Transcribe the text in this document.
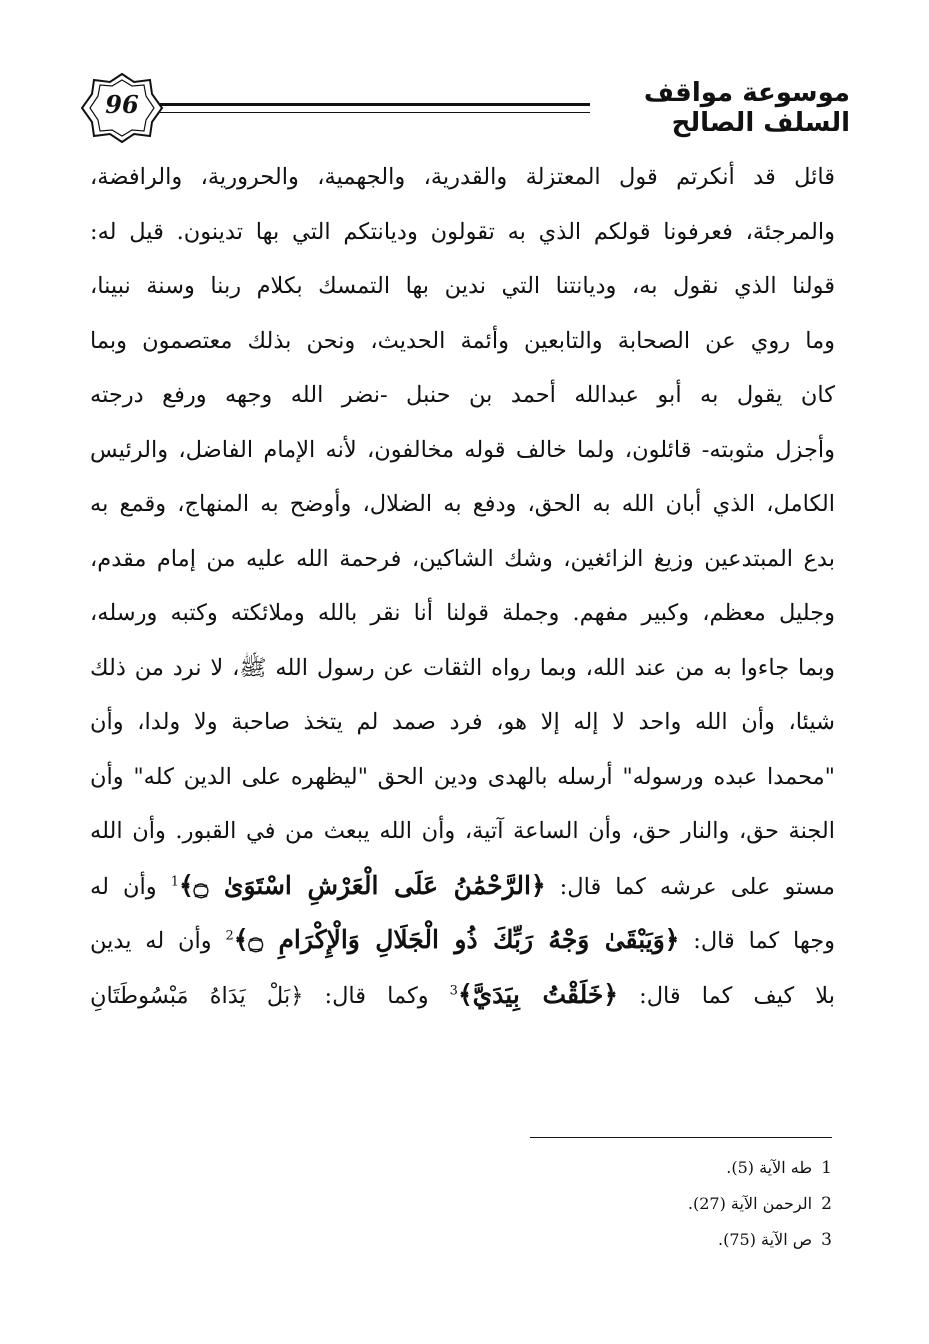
96	موسوعة مواقف السلف الصالح
قائل قد أنكرتم قول المعتزلة والقدرية، والجهمية، والحرورية، والرافضة،
والمرجئة، فعرفونا قولكم الذي به تقولون وديانتكم التي بها تدينون. قيل له:
قولنا الذي نقول به، وديانتنا التي ندين بها التمسك بكلام ربنا وسنة نبينا،
وما روي عن الصحابة والتابعين وأئمة الحديث، ونحن بذلك معتصمون وبما
كان يقول به أبو عبدالله أحمد بن حنبل -نضر الله وجهه ورفع درجته
وأجزل مثوبته- قائلون، ولما خالف قوله مخالفون، لأنه الإمام الفاضل، والرئيس
الكامل، الذي أبان الله به الحق، ودفع به الضلال، وأوضح به المنهاج، وقمع به
بدع المبتدعين وزيغ الزائغين، وشك الشاكين، فرحمة الله عليه من إمام مقدم،
وجليل معظم، وكبير مفهم. وجملة قولنا أنا نقر بالله وملائكته وكتبه ورسله،
وبما جاءوا به من عند الله، وبما رواه الثقات عن رسول الله ﷺ، لا نرد من ذلك
شيئا، وأن الله واحد لا إله إلا هو، فرد صمد لم يتخذ صاحبة ولا ولدا، وأن
"محمدا عبده ورسوله" أرسله بالهدى ودين الحق "ليظهره على الدين كله" وأن
الجنة حق، والنار حق، وأن الساعة آتية، وأن الله يبعث من في القبور. وأن الله
مستو على عرشه كما قال: ﴿الرَّحْمَٰنُ عَلَى الْعَرْشِ اسْتَوَىٰ ۝﴾$^1$ وأن له
وجها كما قال: ﴿وَيَبْقَىٰ وَجْهُ رَبِّكَ ذُو الْجَلَالِ وَالْإِكْرَامِ ۝﴾$^2$ وأن له يدين
بلا كيف كما قال: ﴿خَلَقْتُ بِيَدَيَّ﴾$^3$ وكما قال: ﴿بَلْ يَدَاهُ مَبْسُوطَتَانِ
1 طه الآية (5).
2 الرحمن الآية (27).
3 ص الآية (75).
